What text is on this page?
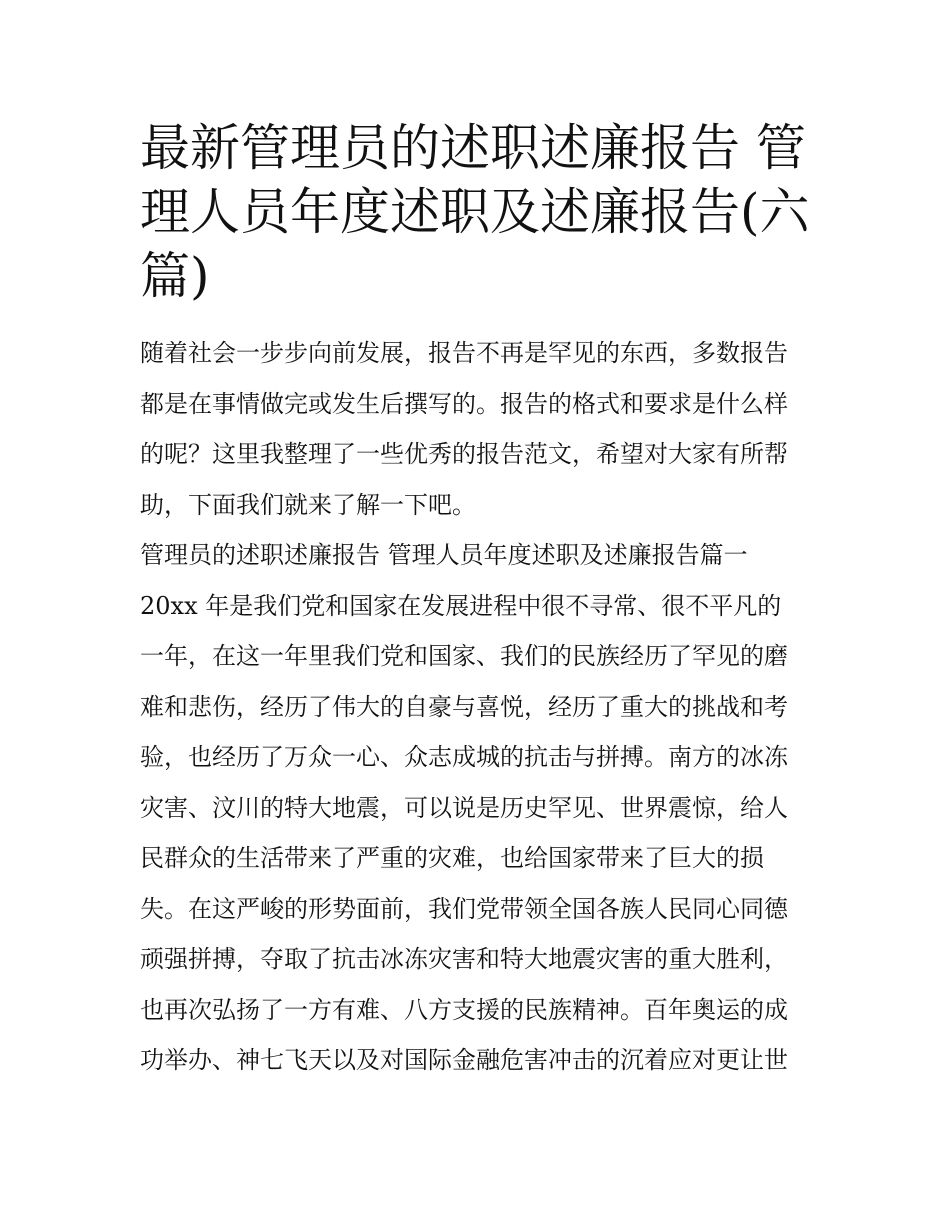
最新管理员的述职述廉报告 管
理人员年度述职及述廉报告(六
篇)
随着社会一步步向前发展，报告不再是罕见的东西，多数报告
都是在事情做完或发生后撰写的。报告的格式和要求是什么样
的呢？这里我整理了一些优秀的报告范文，希望对大家有所帮
助，下面我们就来了解一下吧。
管理员的述职述廉报告 管理人员年度述职及述廉报告篇一
20xx 年是我们党和国家在发展进程中很不寻常、很不平凡的
一年，在这一年里我们党和国家、我们的民族经历了罕见的磨
难和悲伤，经历了伟大的自豪与喜悦，经历了重大的挑战和考
验，也经历了万众一心、众志成城的抗击与拼搏。南方的冰冻
灾害、汶川的特大地震，可以说是历史罕见、世界震惊，给人
民群众的生活带来了严重的灾难，也给国家带来了巨大的损
失。在这严峻的形势面前，我们党带领全国各族人民同心同德
顽强拼搏，夺取了抗击冰冻灾害和特大地震灾害的重大胜利，
也再次弘扬了一方有难、八方支援的民族精神。百年奥运的成
功举办、神七飞天以及对国际金融危害冲击的沉着应对更让世
